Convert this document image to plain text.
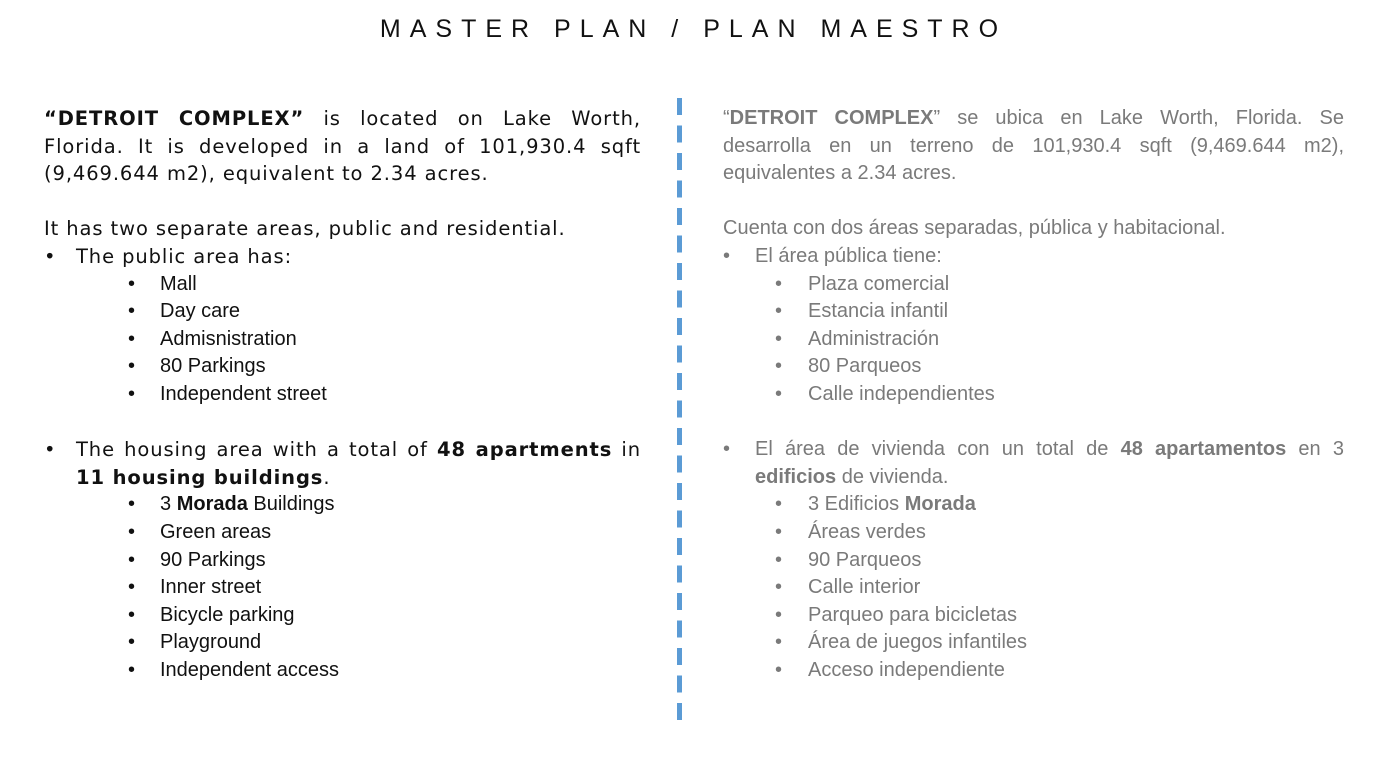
MASTER PLAN / PLAN MAESTRO
“DETROIT COMPLEX” is located on Lake Worth, Florida. It is developed in a land of 101,930.4 sqft (9,469.644 m2), equivalent to 2.34 acres.
It has two separate areas, public and residential.
• The public area has:
• Mall
• Day care
• Admisnistration
• 80 Parkings
• Independent street
• The housing area with a total of 48 apartments in 11 housing buildings.
• 3 Morada Buildings
• Green areas
• 90 Parkings
• Inner street
• Bicycle parking
• Playground
• Independent access
“DETROIT COMPLEX” se ubica en Lake Worth, Florida. Se desarrolla en un terreno de 101,930.4 sqft (9,469.644 m2), equivalentes a 2.34 acres.
Cuenta con dos áreas separadas, pública y habitacional.
• El área pública tiene:
• Plaza comercial
• Estancia infantil
• Administración
• 80 Parqueos
• Calle independientes
• El área de vivienda con un total de 48 apartamentos en 3 edificios de vivienda.
• 3 Edificios Morada
• Áreas verdes
• 90 Parqueos
• Calle interior
• Parqueo para bicicletas
• Área de juegos infantiles
• Acceso independiente
